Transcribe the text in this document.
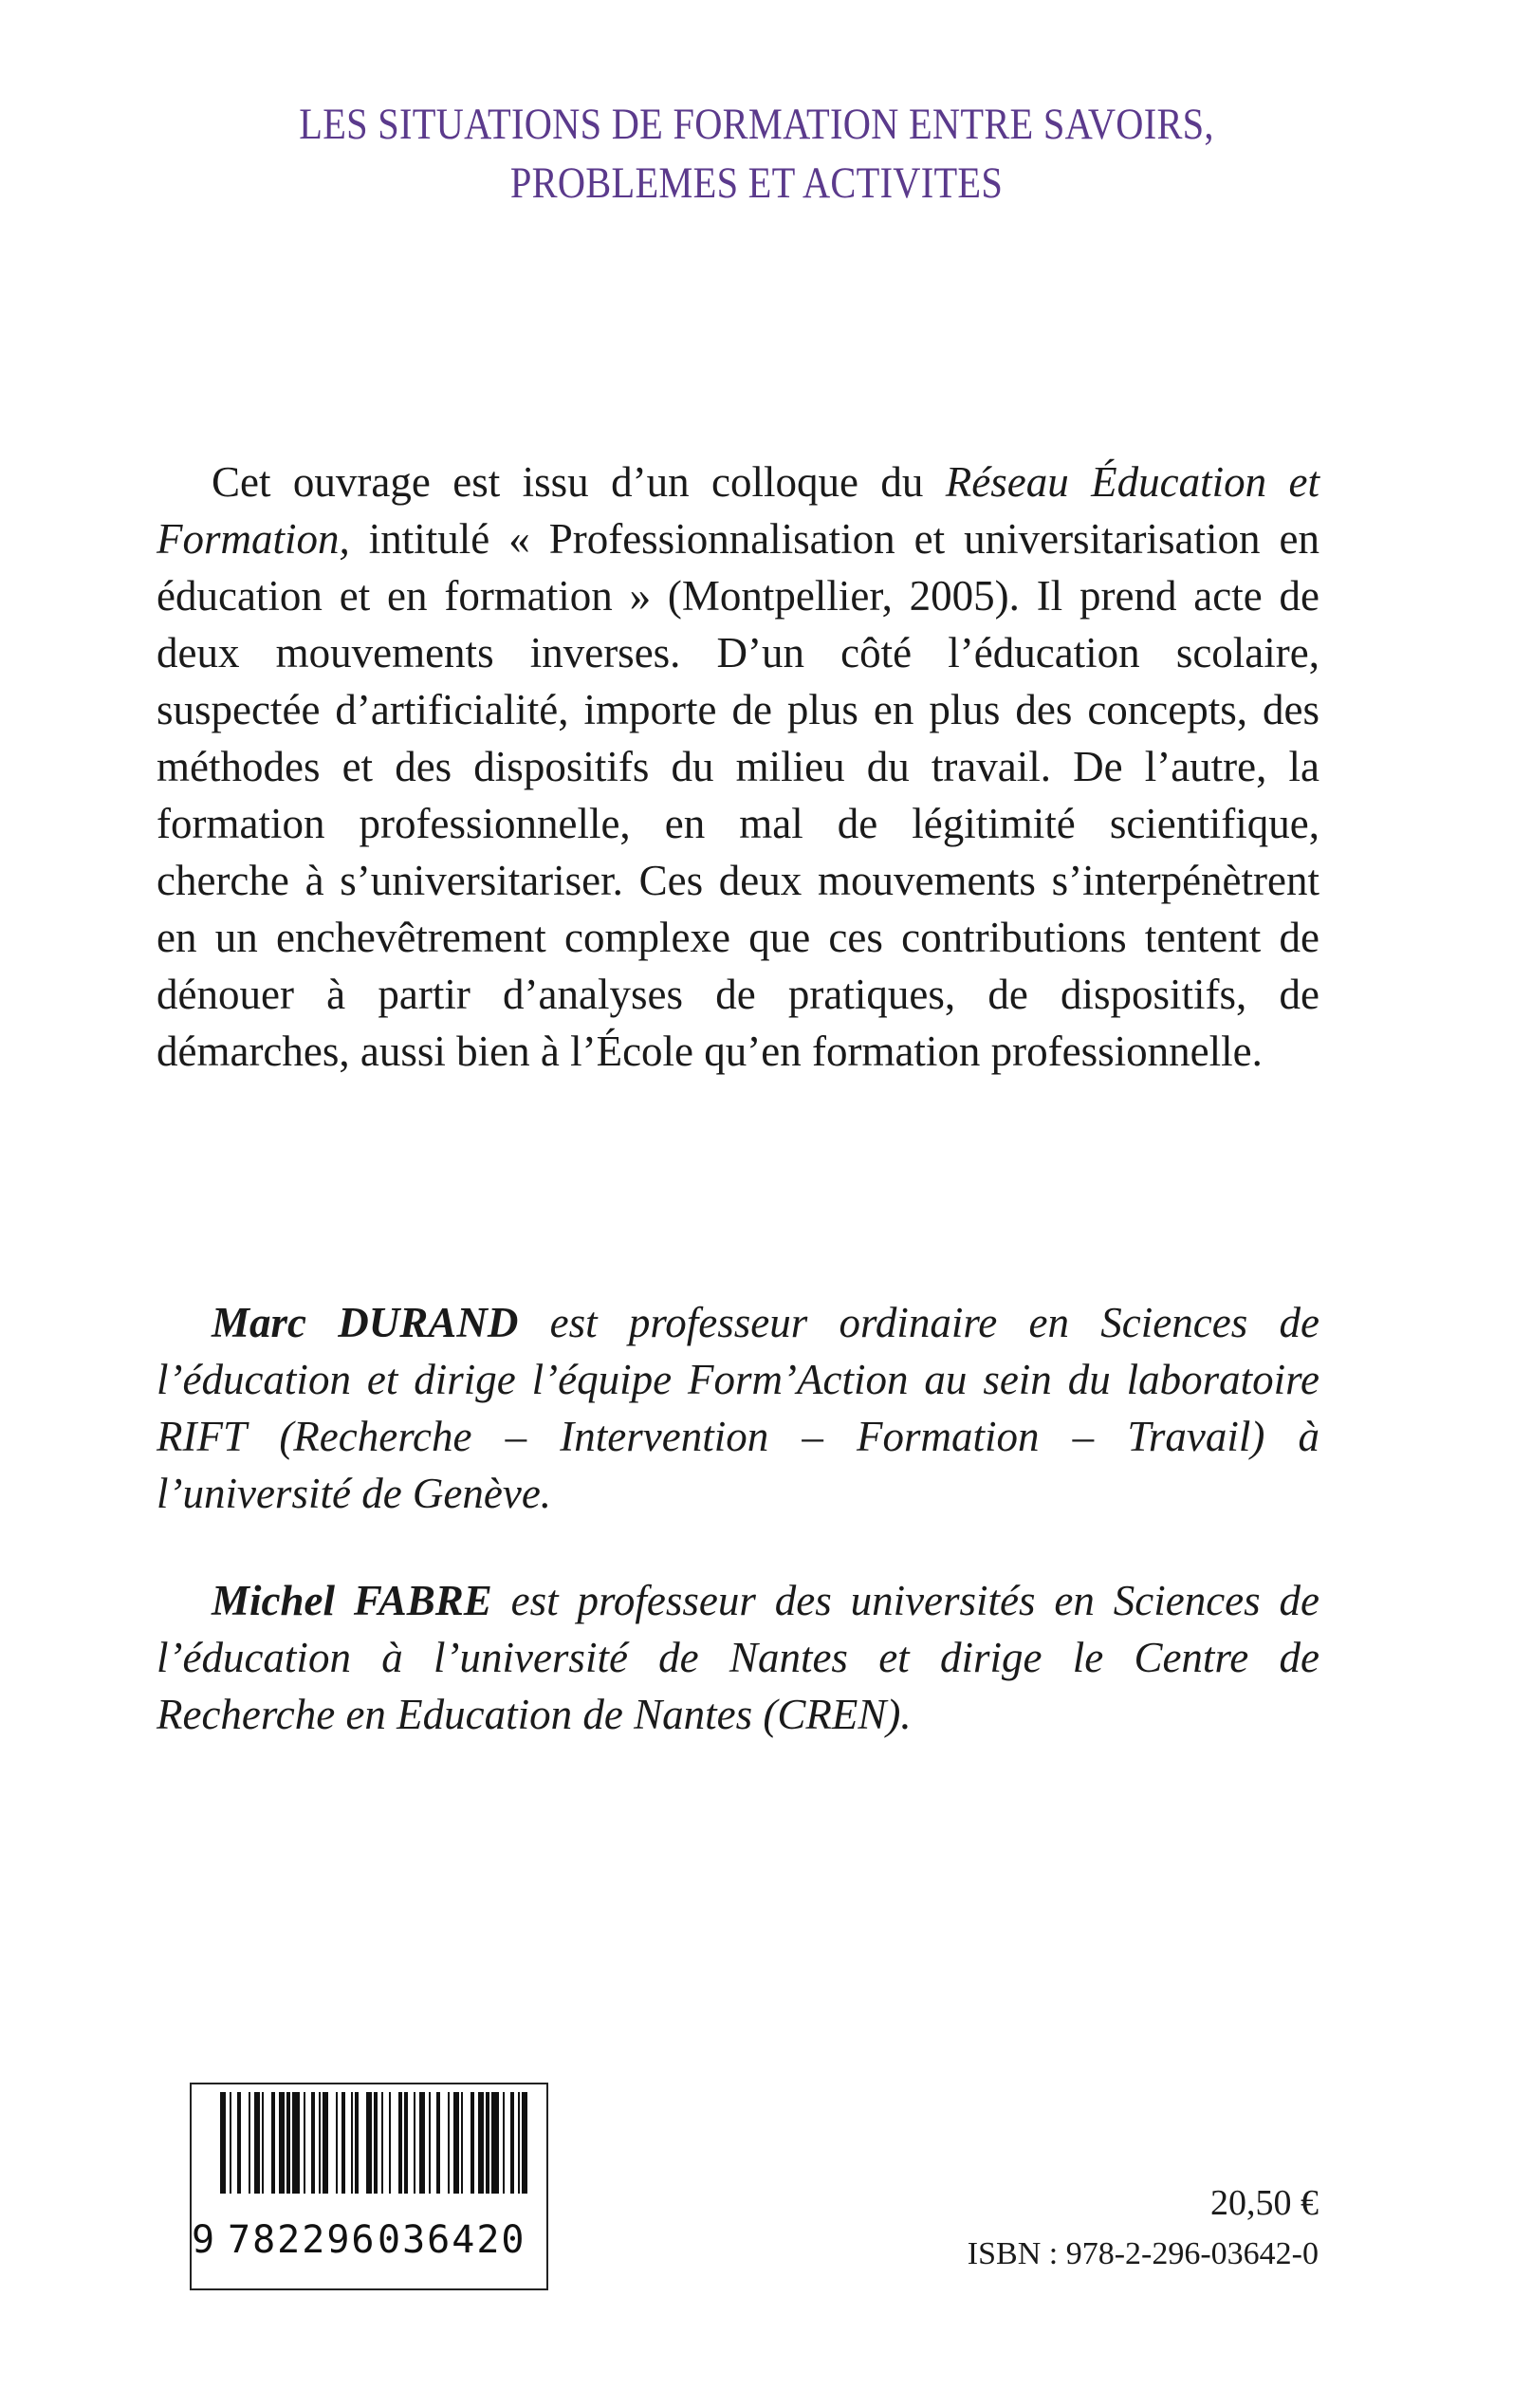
LES SITUATIONS DE FORMATION ENTRE SAVOIRS,
PROBLEMES ET ACTIVITES

Cet ouvrage est issu d’un colloque du Réseau Éducation et Formation, intitulé « Professionnalisation et universitarisation en éducation et en formation » (Montpellier, 2005). Il prend acte de deux mouvements inverses. D’un côté l’éducation scolaire, suspectée d’artificialité, importe de plus en plus des concepts, des méthodes et des dispositifs du milieu du travail. De l’autre, la formation professionnelle, en mal de légitimité scientifique, cherche à s’universitariser. Ces deux mouvements s’interpénètrent en un enchevêtrement complexe que ces contributions tentent de dénouer à partir d’analyses de pratiques, de dispositifs, de démarches, aussi bien à l’École qu’en formation professionnelle.

Marc DURAND est professeur ordinaire en Sciences de l’éducation et dirige l’équipe Form’Action au sein du laboratoire RIFT (Recherche – Intervention – Formation – Travail) à l’université de Genève.

Michel FABRE est professeur des universités en Sciences de l’éducation à l’université de Nantes et dirige le Centre de Recherche en Education de Nantes (CREN).

9 782296 036420
20,50 €
ISBN : 978-2-296-03642-0
